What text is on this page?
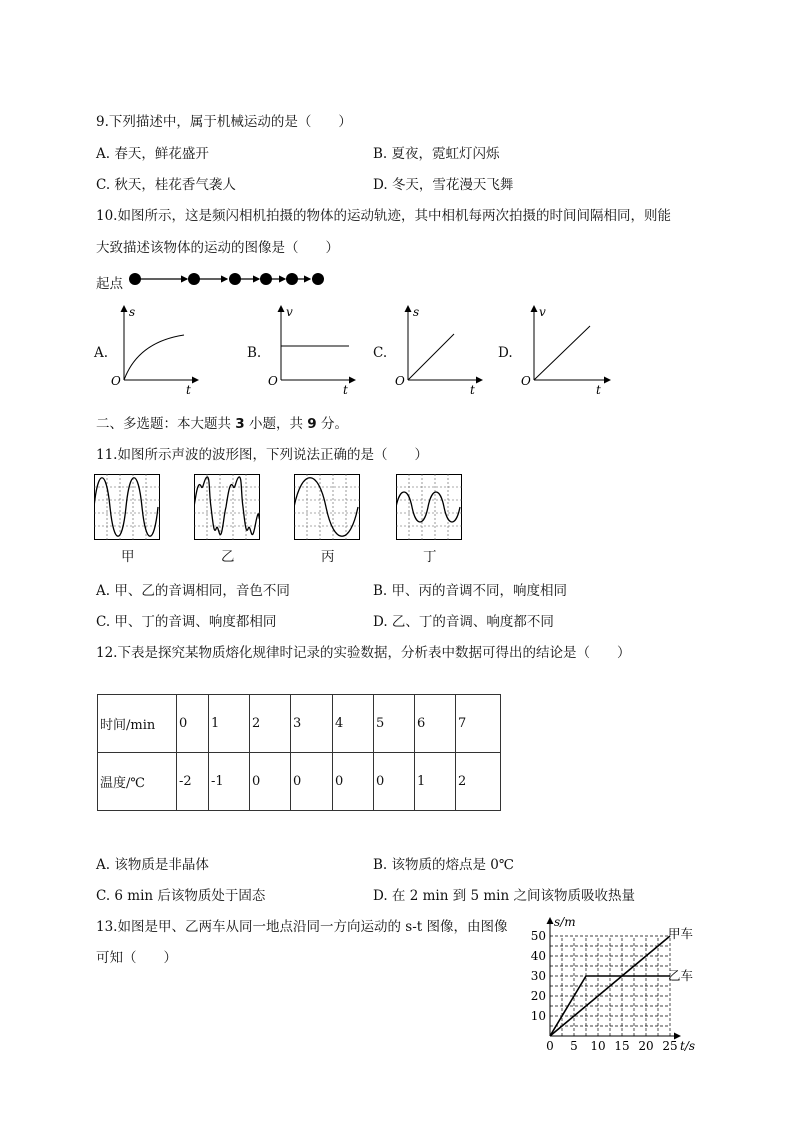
9.下列描述中，属于机械运动的是（　　）
A. 春天，鲜花盛开	B. 夏夜，霓虹灯闪烁
C. 秋天，桂花香气袭人	D. 冬天，雪花漫天飞舞
10.如图所示，这是频闪相机拍摄的物体的运动轨迹，其中相机每两次拍摄的时间间隔相同，则能
大致描述该物体的运动的图像是（　　）
起点
A.
s
O
t
B.
v
O
t
C.
s
O
t
D.
v
O
t
二、多选题：本大题共 3 小题，共 9 分。
11.如图所示声波的波形图，下列说法正确的是（　　）
甲	乙	丙	丁
A. 甲、乙的音调相同，音色不同	B. 甲、丙的音调不同，响度相同
C. 甲、丁的音调、响度都相同	D. 乙、丁的音调、响度都不同
12.下表是探究某物质熔化规律时记录的实验数据，分析表中数据可得出的结论是（　　）
时间/min	0	1	2	3	4	5	6	7
温度/℃	-2	-1	0	0	0	0	1	2
A. 该物质是非晶体	B. 该物质的熔点是 0℃
C. 6 min 后该物质处于固态	D. 在 2 min 到 5 min 之间该物质吸收热量
13.如图是甲、乙两车从同一地点沿同一方向运动的 s-t 图像，由图像
可知（　　）
0 5 10 15 20 25
10
20
30
40
50
s/m
t/s
甲车
乙车
